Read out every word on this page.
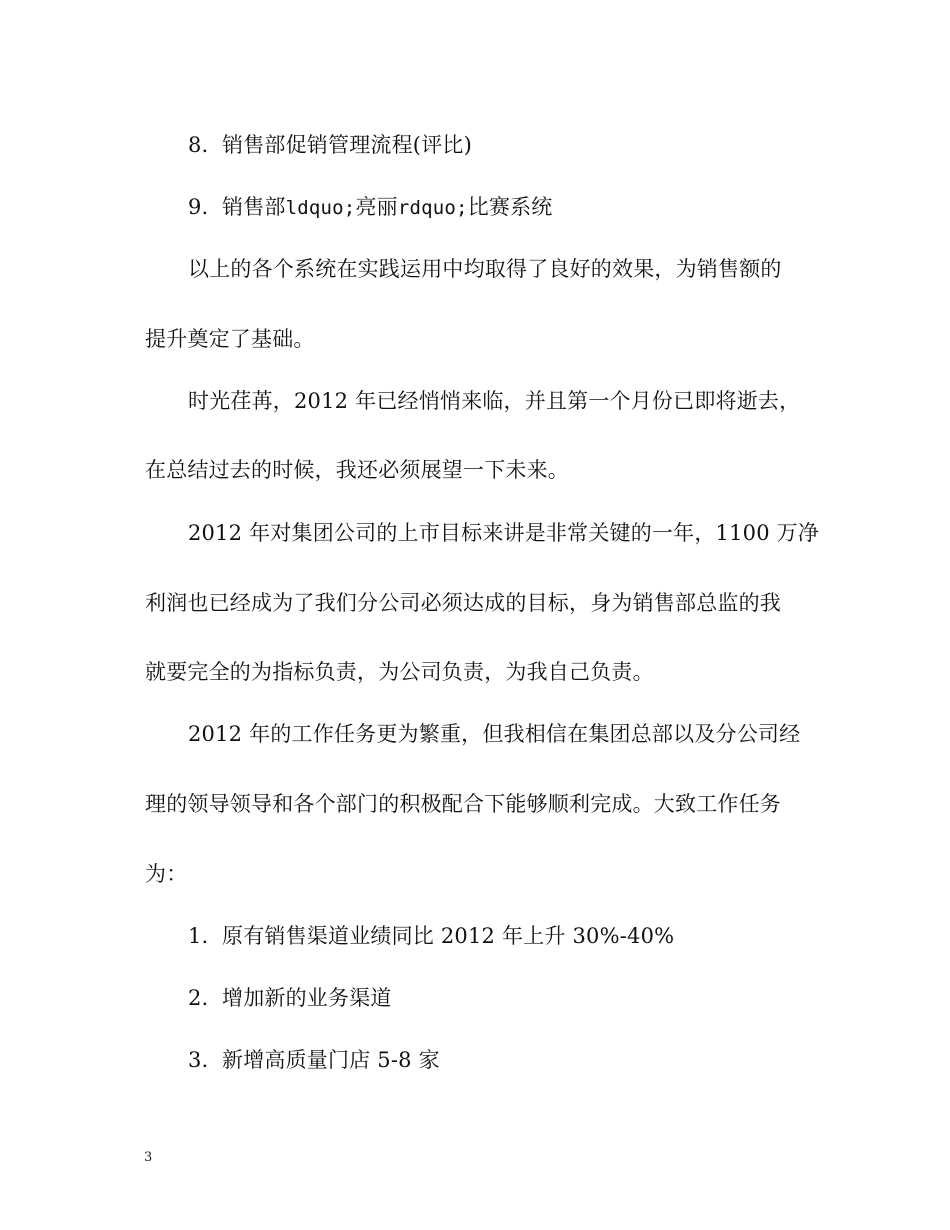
8. 销售部促销管理流程(评比)
9. 销售部ldquo;亮丽rdquo;比赛系统
以上的各个系统在实践运用中均取得了良好的效果，为销售额的
提升奠定了基础。
时光荏苒，2012 年已经悄悄来临，并且第一个月份已即将逝去，
在总结过去的时候，我还必须展望一下未来。
2012 年对集团公司的上市目标来讲是非常关键的一年，1100 万净
利润也已经成为了我们分公司必须达成的目标，身为销售部总监的我
就要完全的为指标负责，为公司负责，为我自己负责。
2012 年的工作任务更为繁重，但我相信在集团总部以及分公司经
理的领导领导和各个部门的积极配合下能够顺利完成。大致工作任务
为：
1. 原有销售渠道业绩同比 2012 年上升 30%-40%
2. 增加新的业务渠道
3. 新增高质量门店 5-8 家
3
